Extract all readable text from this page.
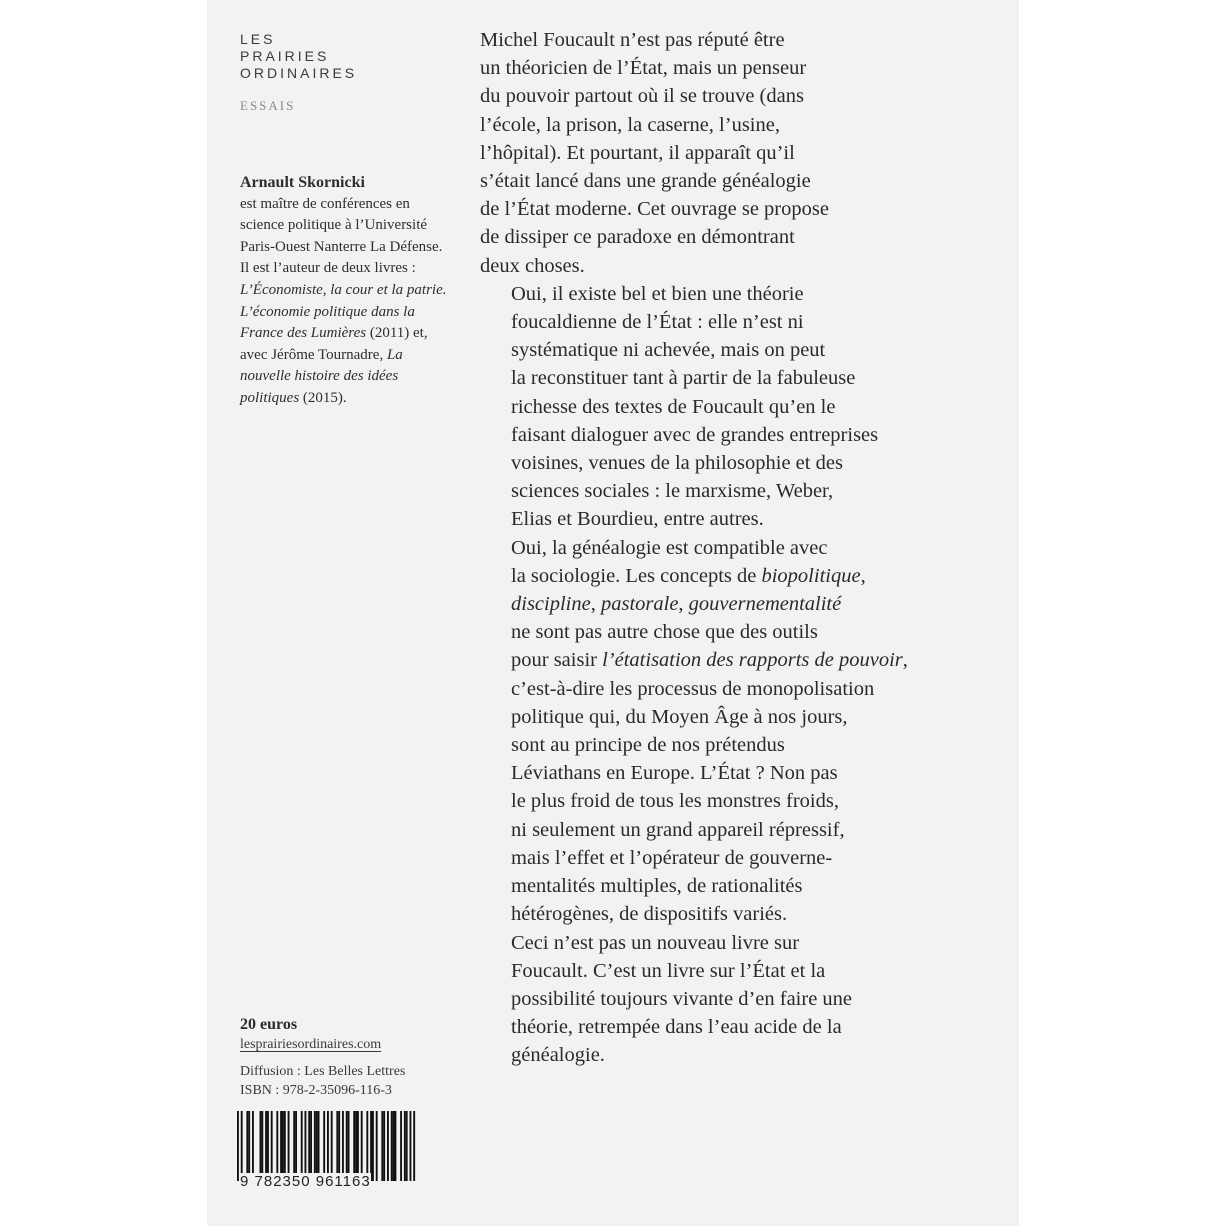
LES
PRAIRIES
ORDINAIRES
ESSAIS
Arnault Skornicki
est maître de conférences en science politique à l’Université Paris-Ouest Nanterre La Défense. Il est l’auteur de deux livres : L’Économiste, la cour et la patrie. L’économie politique dans la France des Lumières (2011) et, avec Jérôme Tournadre, La nouvelle histoire des idées politiques (2015).

Michel Foucault n’est pas réputé être
un théoricien de l’État, mais un penseur
du pouvoir partout où il se trouve (dans
l’école, la prison, la caserne, l’usine,
l’hôpital). Et pourtant, il apparaît qu’il
s’était lancé dans une grande généalogie
de l’État moderne. Cet ouvrage se propose
de dissiper ce paradoxe en démontrant
deux choses.

Oui, il existe bel et bien une théorie
foucaldienne de l’État : elle n’est ni
systématique ni achevée, mais on peut
la reconstituer tant à partir de la fabuleuse
richesse des textes de Foucault qu’en le
faisant dialoguer avec de grandes entreprises
voisines, venues de la philosophie et des
sciences sociales : le marxisme, Weber,
Elias et Bourdieu, entre autres.

Oui, la généalogie est compatible avec
la sociologie. Les concepts de biopolitique,
discipline, pastorale, gouvernementalité
ne sont pas autre chose que des outils
pour saisir l’étatisation des rapports de pouvoir,
c’est-à-dire les processus de monopolisation
politique qui, du Moyen Âge à nos jours,
sont au principe de nos prétendus
Léviathans en Europe. L’État ? Non pas
le plus froid de tous les monstres froids,
ni seulement un grand appareil répressif,
mais l’effet et l’opérateur de gouverne-
mentalités multiples, de rationalités
hétérogènes, de dispositifs variés.

Ceci n’est pas un nouveau livre sur
Foucault. C’est un livre sur l’État et la
possibilité toujours vivante d’en faire une
théorie, retrempée dans l’eau acide de la
généalogie.

20 euros
lesprairiesordinaires.com
Diffusion : Les Belles Lettres
ISBN : 978-2-35096-116-3
9 782350 961163
